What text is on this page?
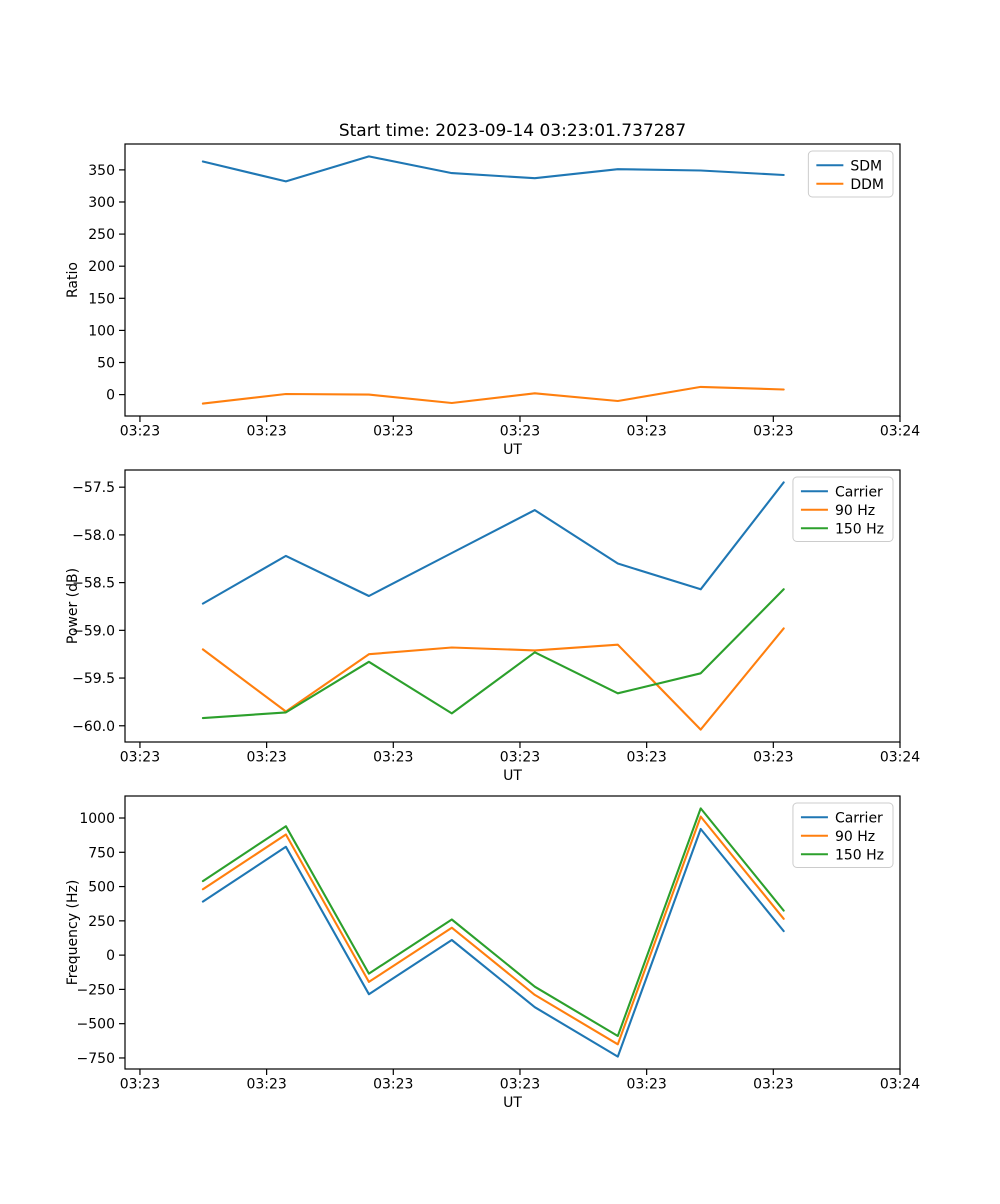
Start time: 2023-09-14 03:23:01.737287
03:23	03:23	03:23	03:23	03:23	03:23	03:24
350
300
250
200
150
100
50
0
UT
Ratio
SDM
DDM
03:23	03:23	03:23	03:23	03:23	03:23	03:24
−57.5
−58.0
−58.5
−59.0
−59.5
−60.0
UT
Power (dB)
Carrier
90 Hz
150 Hz
03:23	03:23	03:23	03:23	03:23	03:23	03:24
1000
750
500
250
0
−250
−500
−750
UT
Frequency (Hz)
Carrier
90 Hz
150 Hz
